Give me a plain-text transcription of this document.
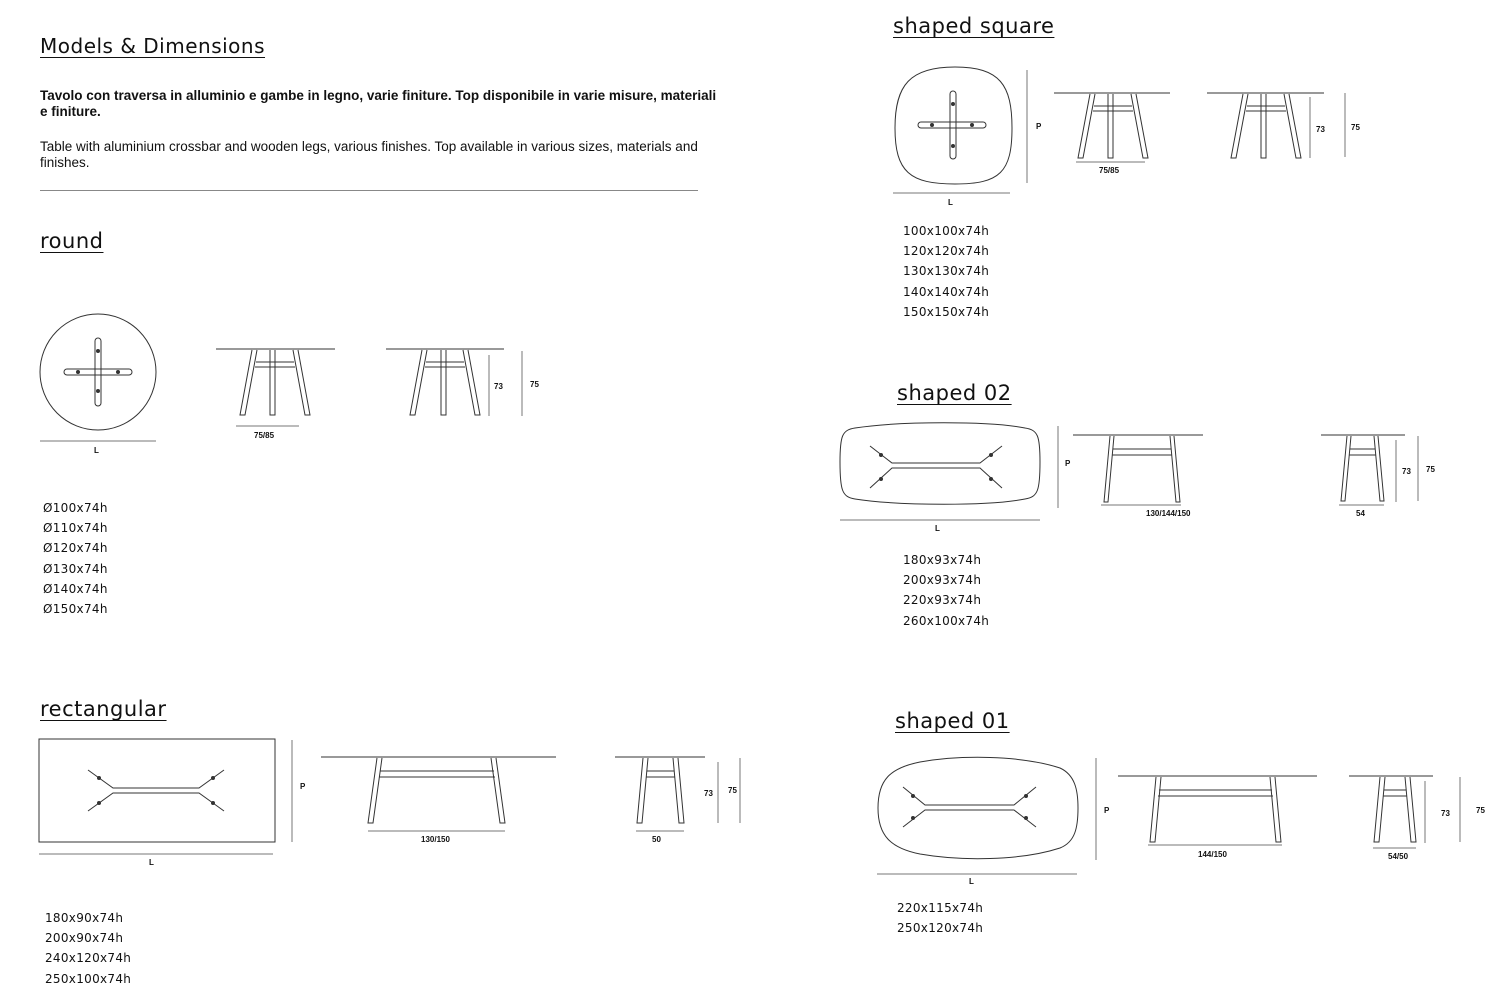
Models & Dimensions
Tavolo con traversa in alluminio e gambe in legno, varie finiture. Top disponibile in varie misure, materiali e finiture.
Table with aluminium crossbar and wooden legs, various finishes. Top available in various sizes, materials and finishes.
round
L
75/85
73	75
Ø100x74h
Ø110x74h
Ø120x74h
Ø130x74h
Ø140x74h
Ø150x74h
rectangular
P
L
130/150	50
73 75
180x90x74h
200x90x74h
240x120x74h
250x100x74h
shaped square
P
L
75/85
73	75
100x100x74h
120x120x74h
130x130x74h
140x140x74h
150x150x74h
shaped 02
P
L
130/144/150	54
73 75
180x93x74h
200x93x74h
220x93x74h
260x100x74h
shaped 01
P
L
144/150	54/50
73	75
220x115x74h
250x120x74h
